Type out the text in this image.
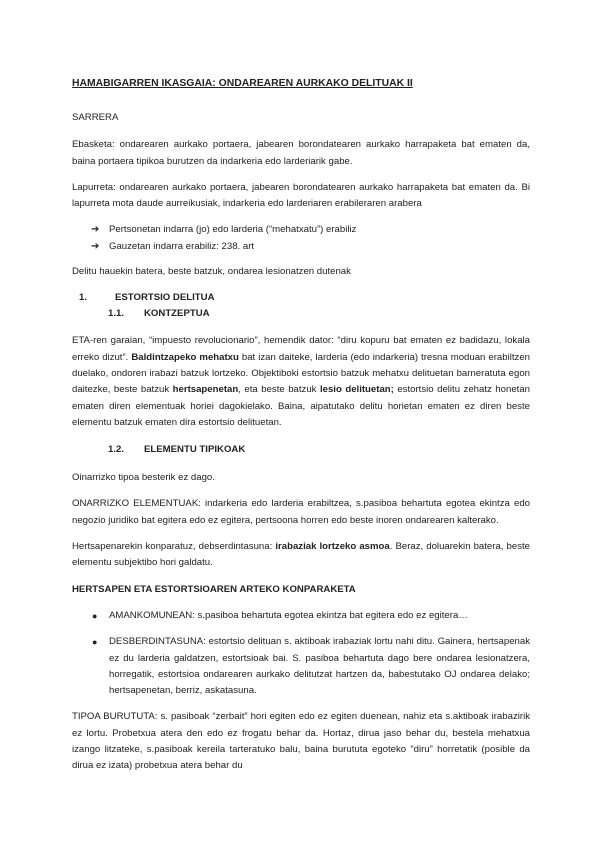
HAMABIGARREN IKASGAIA: ONDAREAREN AURKAKO DELITUAK II

SARRERA

Ebasketa: ondarearen aurkako portaera, jabearen borondatearen aurkako harrapaketa bat ematen da, baina portaera tipikoa burutzen da indarkeria edo larderiarik gabe.

Lapurreta: ondarearen aurkako portaera, jabearen borondatearen aurkako harrapaketa bat ematen da. Bi lapurreta mota daude aurreikusiak, indarkeria edo larderiaren erabileraren arabera

➔	Pertsonetan indarra (jo) edo larderia (“mehatxatu”) erabiliz
➔	Gauzetan indarra erabiliz: 238. art

Delitu hauekin batera, beste batzuk, ondarea lesionatzen dutenak

1.	ESTORTSIO DELITUA
1.1.	KONTZEPTUA

ETA-ren garaian, “impuesto revolucionario”, hemendik dator: “diru kopuru bat ematen ez badidazu, lokala erreko dizut”. Baldintzapeko mehatxu bat izan daiteke, larderia (edo indarkeria) tresna moduan erabiltzen duelako, ondoren irabazi batzuk lortzeko. Objektiboki estortsio batzuk mehatxu delituetan barneratuta egon daitezke, beste batzuk hertsapenetan, eta beste batzuk lesio delituetan; estortsio delitu zehatz honetan ematen diren elementuak horiei dagokielako. Baina, aipatutako delitu horietan ematen ez diren beste elementu batzuk ematen dira estortsio delituetan.

1.2.	ELEMENTU TIPIKOAK

Oinarrizko tipoa besterik ez dago.

ONARRIZKO ELEMENTUAK: indarkeria edo larderia erabiltzea, s.pasiboa behartuta egotea ekintza edo negozio juridiko bat egitera edo ez egitera, pertsoona horren edo beste inoren ondarearen kalterako.

Hertsapenarekin konparatuz, debserdintasuna: irabaziak lortzeko asmoa. Beraz, doluarekin batera, beste elementu subjektibo hori galdatu.

HERTSAPEN ETA ESTORTSIOAREN ARTEKO KONPARAKETA

●	AMANKOMUNEAN: s.pasiboa behartuta egotea ekintza bat egitera edo ez egitera…

●	DESBERDINTASUNA: estortsio delituan s. aktiboak irabaziak lortu nahi ditu. Gainera, hertsapenak ez du larderia galdatzen, estortsioak bai. S. pasiboa behartuta dago bere ondarea lesionatzera, horregatik, estortsioa ondarearen aurkako delitutzat hartzen da, babestutako OJ ondarea delako; hertsapenetan, berriz, askatasuna.

TIPOA BURUTUTA: s. pasiboak “zerbait” hori egiten edo ez egiten duenean, nahiz eta s.aktiboak irabazirik ez lortu. Probetxua atera den edo ez frogatu behar da. Hortaz, dirua jaso behar du, bestela mehatxua izango litzateke, s.pasiboak kereila tarteratuko balu, baina burututa egoteko “diru” horretatik (posible da dirua ez izata) probetxua atera behar du
